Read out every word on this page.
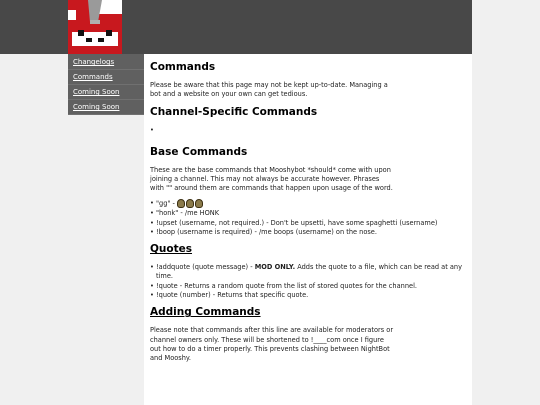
Changelogs
Commands
Coming Soon
Coming Soon
Commands

Please be aware that this page may not be kept up-to-date. Managing a bot and a website on your own can get tedious.

Channel-Specific Commands
•
Base Commands

These are the base commands that Mooshybot *should* come with upon joining a channel. This may not always be accurate however. Phrases with "" around them are commands that happen upon usage of the word.

• "gg" -
• "honk" - /me HONK
• !upset (username, not required.) - Don't be upsetti, have some spaghetti (username)
• !boop (username is required) - /me boops (username) on the nose.
Quotes
• !addquote (quote message) - MOD ONLY. Adds the quote to a file, which can be read at any time.
• !quote - Returns a random quote from the list of stored quotes for the channel.
• !quote (number) - Returns that specific quote.
Adding Commands

Please note that commands after this line are available for moderators or channel owners only. These will be shortened to !____com once I figure out how to do a timer properly. This prevents clashing between NightBot and Mooshy.
